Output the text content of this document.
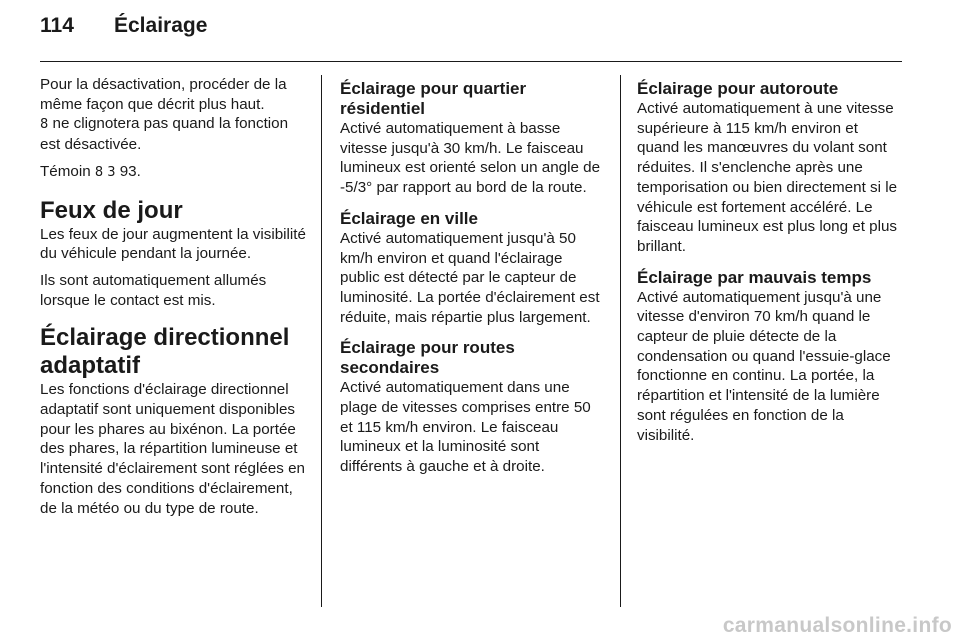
114	Éclairage

Pour la désactivation, procéder de la même façon que décrit plus haut.

8 ne clignotera pas quand la fonction est désactivée.

Témoin 8 3 93.

Feux de jour

Les feux de jour augmentent la visibilité du véhicule pendant la journée.

Ils sont automatiquement allumés lorsque le contact est mis.

Éclairage directionnel adaptatif

Les fonctions d'éclairage directionnel adaptatif sont uniquement disponibles pour les phares au bixénon. La portée des phares, la répartition lumineuse et l'intensité d'éclairement sont réglées en fonction des conditions d'éclairement, de la météo ou du type de route.

Éclairage pour quartier résidentiel

Activé automatiquement à basse vitesse jusqu'à 30 km/h. Le faisceau lumineux est orienté selon un angle de -5/3° par rapport au bord de la route.

Éclairage en ville

Activé automatiquement jusqu'à 50 km/h environ et quand l'éclairage public est détecté par le capteur de luminosité. La portée d'éclairement est réduite, mais répartie plus largement.

Éclairage pour routes secondaires

Activé automatiquement dans une plage de vitesses comprises entre 50 et 115 km/h environ. Le faisceau lumineux et la luminosité sont différents à gauche et à droite.

Éclairage pour autoroute

Activé automatiquement à une vitesse supérieure à 115 km/h environ et quand les manœuvres du volant sont réduites. Il s'enclenche après une temporisation ou bien directement si le véhicule est fortement accéléré. Le faisceau lumineux est plus long et plus brillant.

Éclairage par mauvais temps

Activé automatiquement jusqu'à une vitesse d'environ 70 km/h quand le capteur de pluie détecte de la condensation ou quand l'essuie-glace fonctionne en continu. La portée, la répartition et l'intensité de la lumière sont régulées en fonction de la visibilité.

carmanualsonline.info
